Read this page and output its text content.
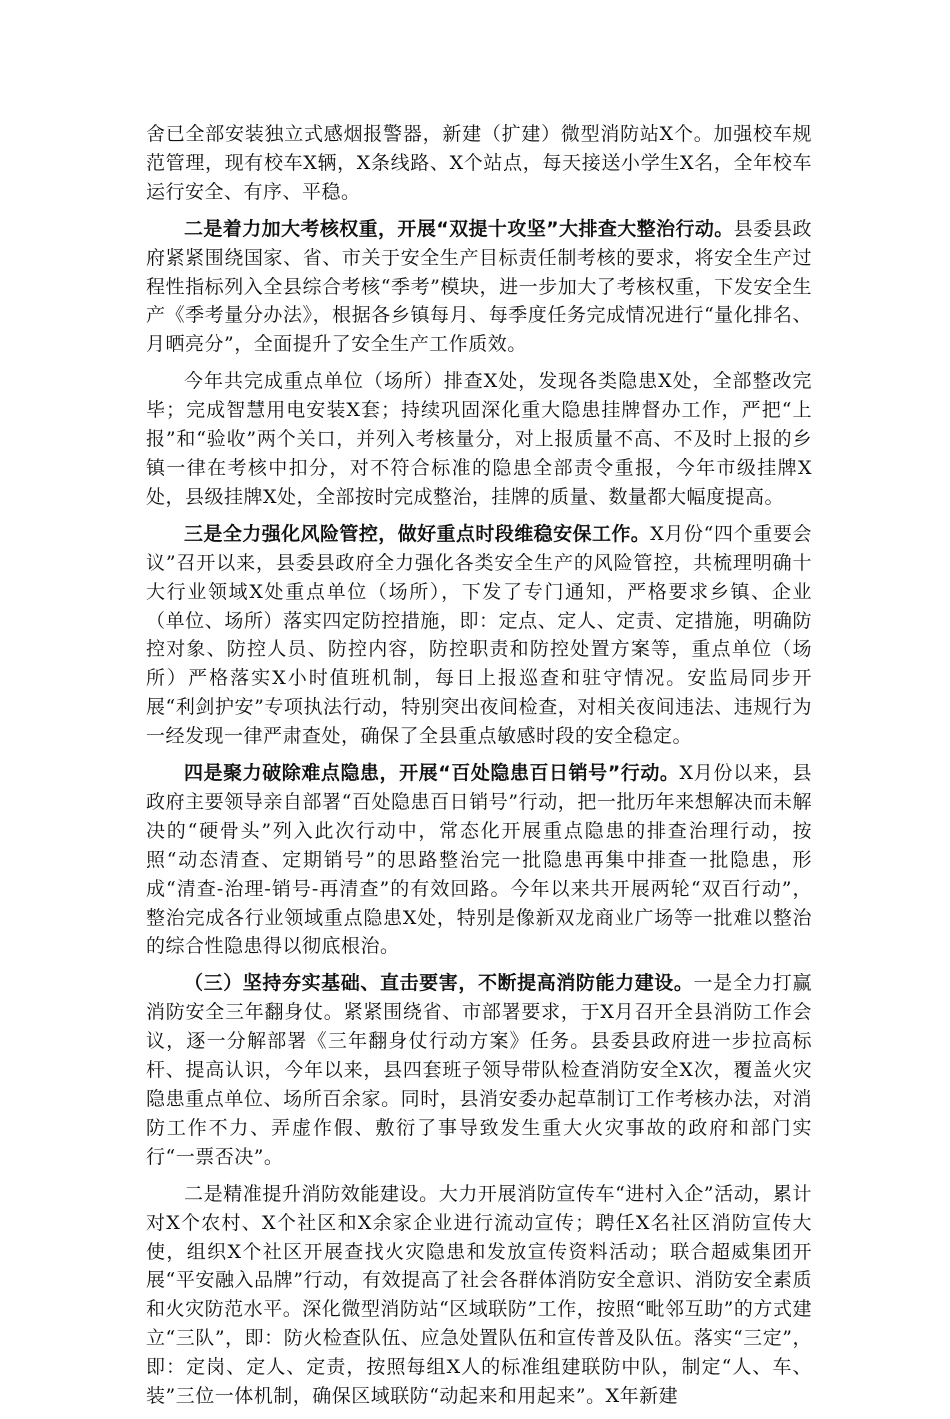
舍已全部安装独立式感烟报警器，新建（扩建）微型消防站X个。加强校车规范管理，现有校车X辆，X条线路、X个站点，每天接送小学生X名，全年校车运行安全、有序、平稳。

二是着力加大考核权重，开展“双提十攻坚”大排查大整治行动。县委县政府紧紧围绕国家、省、市关于安全生产目标责任制考核的要求，将安全生产过程性指标列入全县综合考核“季考”模块，进一步加大了考核权重，下发安全生产《季考量分办法》，根据各乡镇每月、每季度任务完成情况进行“量化排名、月晒亮分”，全面提升了安全生产工作质效。

今年共完成重点单位（场所）排查X处，发现各类隐患X处，全部整改完毕；完成智慧用电安装X套；持续巩固深化重大隐患挂牌督办工作，严把“上报”和“验收”两个关口，并列入考核量分，对上报质量不高、不及时上报的乡镇一律在考核中扣分，对不符合标准的隐患全部责令重报，今年市级挂牌X处，县级挂牌X处，全部按时完成整治，挂牌的质量、数量都大幅度提高。

三是全力强化风险管控，做好重点时段维稳安保工作。X月份“四个重要会议”召开以来，县委县政府全力强化各类安全生产的风险管控，共梳理明确十大行业领域X处重点单位（场所），下发了专门通知，严格要求乡镇、企业（单位、场所）落实四定防控措施，即：定点、定人、定责、定措施，明确防控对象、防控人员、防控内容，防控职责和防控处置方案等，重点单位（场所）严格落实X小时值班机制，每日上报巡查和驻守情况。安监局同步开展“利剑护安”专项执法行动，特别突出夜间检查，对相关夜间违法、违规行为一经发现一律严肃查处，确保了全县重点敏感时段的安全稳定。

四是聚力破除难点隐患，开展“百处隐患百日销号”行动。X月份以来，县政府主要领导亲自部署“百处隐患百日销号”行动，把一批历年来想解决而未解决的“硬骨头”列入此次行动中，常态化开展重点隐患的排查治理行动，按照“动态清查、定期销号”的思路整治完一批隐患再集中排查一批隐患，形成“清查-治理-销号-再清查”的有效回路。今年以来共开展两轮“双百行动”，整治完成各行业领域重点隐患X处，特别是像新双龙商业广场等一批难以整治的综合性隐患得以彻底根治。

（三）坚持夯实基础、直击要害，不断提高消防能力建设。一是全力打赢消防安全三年翻身仗。紧紧围绕省、市部署要求，于X月召开全县消防工作会议，逐一分解部署《三年翻身仗行动方案》任务。县委县政府进一步拉高标杆、提高认识，今年以来，县四套班子领导带队检查消防安全X次，覆盖火灾隐患重点单位、场所百余家。同时，县消安委办起草制订工作考核办法，对消防工作不力、弄虚作假、敷衍了事导致发生重大火灾事故的政府和部门实行“一票否决”。

二是精准提升消防效能建设。大力开展消防宣传车“进村入企”活动，累计对X个农村、X个社区和X余家企业进行流动宣传；聘任X名社区消防宣传大使，组织X个社区开展查找火灾隐患和发放宣传资料活动；联合超威集团开展“平安融入品牌”行动，有效提高了社会各群体消防安全意识、消防安全素质和火灾防范水平。深化微型消防站“区域联防”工作，按照“毗邻互助”的方式建立“三队”，即：防火检查队伍、应急处置队伍和宣传普及队伍。落实“三定”，即：定岗、定人、定责，按照每组X人的标准组建联防中队，制定“人、车、装”三位一体机制，确保区域联防“动起来和用起来”。X年新建
